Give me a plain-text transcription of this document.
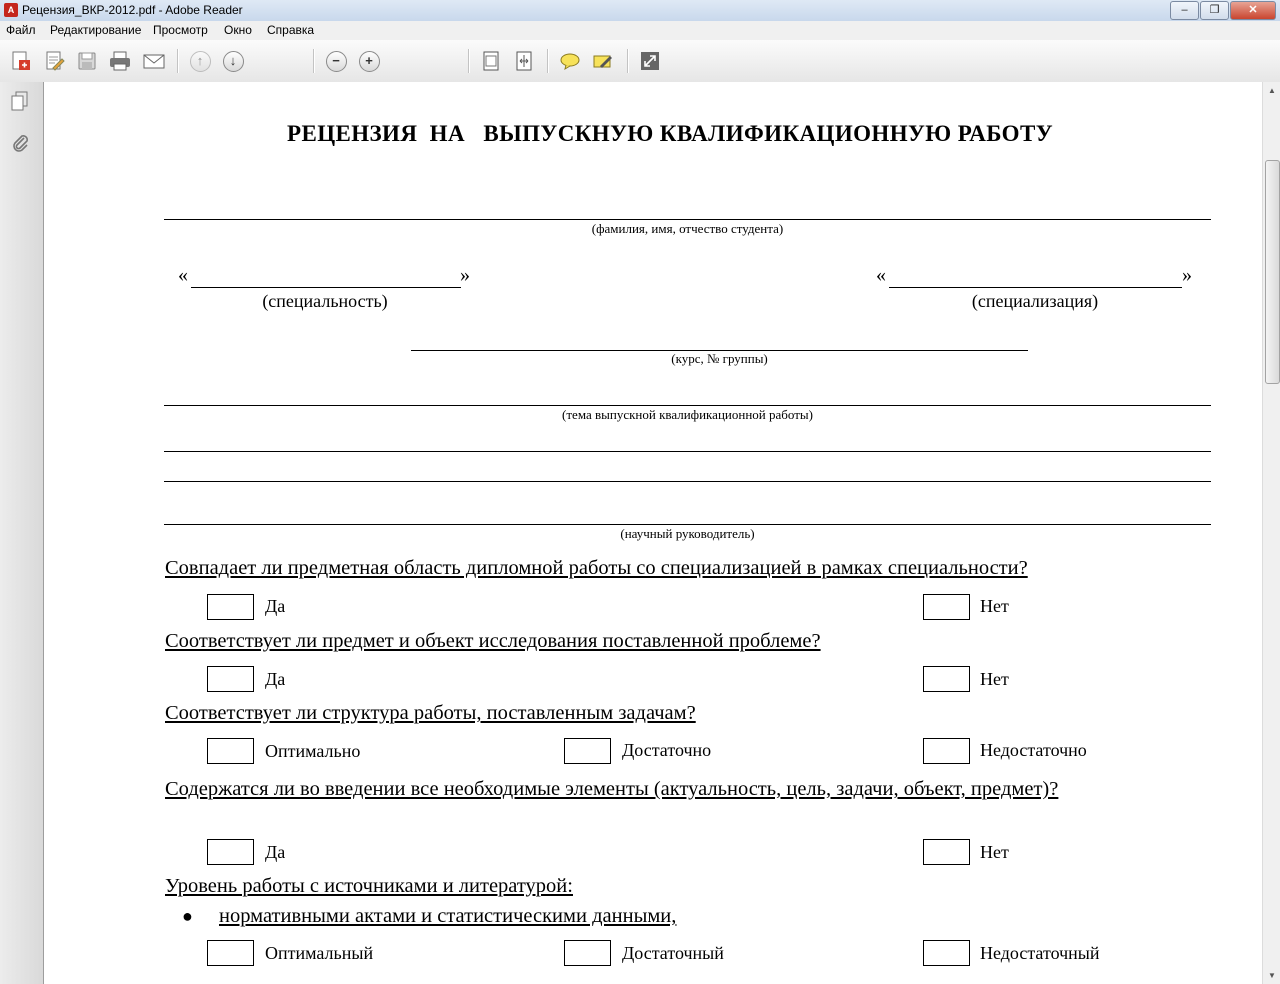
A Рецензия_ВКР-2012.pdf - Adobe Reader	‒	❐	✕
Файл Редактирование Просмотр Окно Справка
↑	↓	−	+
РЕЦЕНЗИЯ  НА   ВЫПУСКНУЮ КВАЛИФИКАЦИОННУЮ РАБОТУ
(фамилия, имя, отчество студента)
«	»
(специальность)
«	»
(специализация)
(курс, № группы)
(тема выпускной квалификационной работы)
(научный руководитель)
Совпадает ли предметная область дипломной работы со специализацией в рамках специальности?
Да	Нет
Соответствует ли предмет и объект исследования поставленной проблеме?
Да	Нет
Соответствует ли структура работы, поставленным задачам?
Оптимально	Достаточно	Недостаточно
Содержатся ли во введении все необходимые элементы (актуальность, цель, задачи, объект, предмет)?
Да	Нет
Уровень работы с источниками и литературой:
● нормативными актами и статистическими данными,
Оптимальный	Достаточный	Недостаточный
▲
▼
